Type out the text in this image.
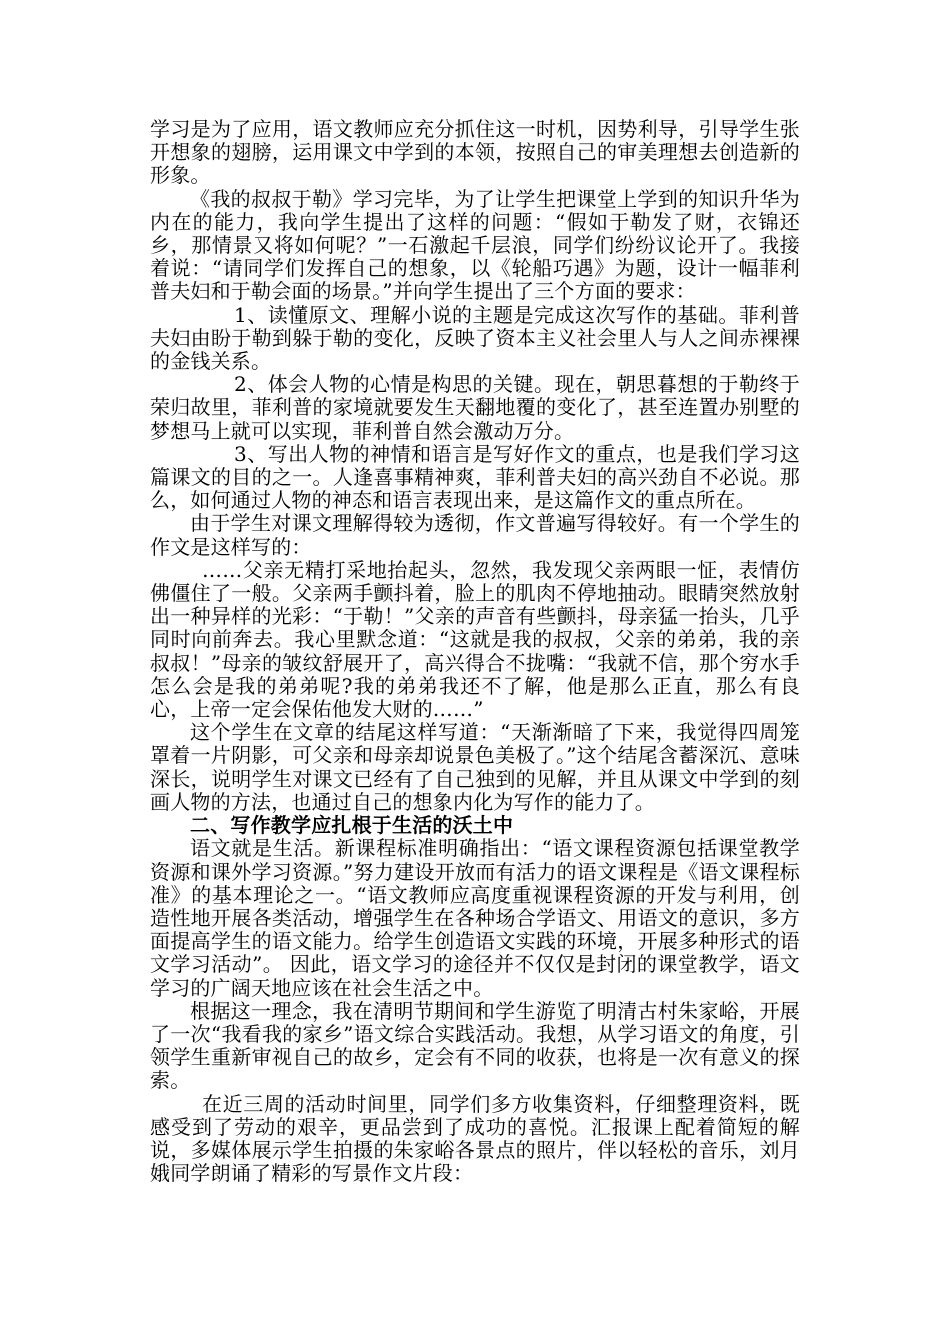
学习是为了应用，语文教师应充分抓住这一时机，因势利导，引导学生张开想象的翅膀，运用课文中学到的本领，按照自己的审美理想去创造新的形象。

《我的叔叔于勒》学习完毕，为了让学生把课堂上学到的知识升华为内在的能力，我向学生提出了这样的问题：“假如于勒发了财，衣锦还乡，那情景又将如何呢？”一石激起千层浪，同学们纷纷议论开了。我接着说：“请同学们发挥自己的想象，以《轮船巧遇》为题，设计一幅菲利普夫妇和于勒会面的场景。”并向学生提出了三个方面的要求：

1、读懂原文、理解小说的主题是完成这次写作的基础。菲利普夫妇由盼于勒到躲于勒的变化，反映了资本主义社会里人与人之间赤裸裸的金钱关系。

2、体会人物的心情是构思的关键。现在，朝思暮想的于勒终于荣归故里，菲利普的家境就要发生天翻地覆的变化了，甚至连置办别墅的梦想马上就可以实现，菲利普自然会激动万分。

3、写出人物的神情和语言是写好作文的重点，也是我们学习这篇课文的目的之一。人逢喜事精神爽，菲利普夫妇的高兴劲自不必说。那么，如何通过人物的神态和语言表现出来，是这篇作文的重点所在。

由于学生对课文理解得较为透彻，作文普遍写得较好。有一个学生的作文是这样写的：

……父亲无精打采地抬起头，忽然，我发现父亲两眼一怔，表情仿佛僵住了一般。父亲两手颤抖着，脸上的肌肉不停地抽动。眼睛突然放射出一种异样的光彩：“于勒！”父亲的声音有些颤抖，母亲猛一抬头，几乎同时向前奔去。我心里默念道：“这就是我的叔叔，父亲的弟弟，我的亲叔叔！”母亲的皱纹舒展开了，高兴得合不拢嘴：“我就不信，那个穷水手怎么会是我的弟弟呢?我的弟弟我还不了解，他是那么正直，那么有良心，上帝一定会保佑他发大财的……”

这个学生在文章的结尾这样写道：“天渐渐暗了下来，我觉得四周笼罩着一片阴影，可父亲和母亲却说景色美极了。”这个结尾含蓄深沉、意味深长，说明学生对课文已经有了自己独到的见解，并且从课文中学到的刻画人物的方法，也通过自己的想象内化为写作的能力了。

二、写作教学应扎根于生活的沃土中

语文就是生活。新课程标准明确指出：“语文课程资源包括课堂教学资源和课外学习资源。”努力建设开放而有活力的语文课程是《语文课程标准》的基本理论之一。“语文教师应高度重视课程资源的开发与利用，创造性地开展各类活动，增强学生在各种场合学语文、用语文的意识，多方面提高学生的语文能力。给学生创造语文实践的环境，开展多种形式的语文学习活动”。 因此，语文学习的途径并不仅仅是封闭的课堂教学，语文学习的广阔天地应该在社会生活之中。

根据这一理念，我在清明节期间和学生游览了明清古村朱家峪，开展了一次“我看我的家乡”语文综合实践活动。我想，从学习语文的角度，引领学生重新审视自己的故乡，定会有不同的收获，也将是一次有意义的探索。

在近三周的活动时间里，同学们多方收集资料，仔细整理资料，既感受到了劳动的艰辛，更品尝到了成功的喜悦。汇报课上配着简短的解说，多媒体展示学生拍摄的朱家峪各景点的照片，伴以轻松的音乐，刘月娥同学朗诵了精彩的写景作文片段：
